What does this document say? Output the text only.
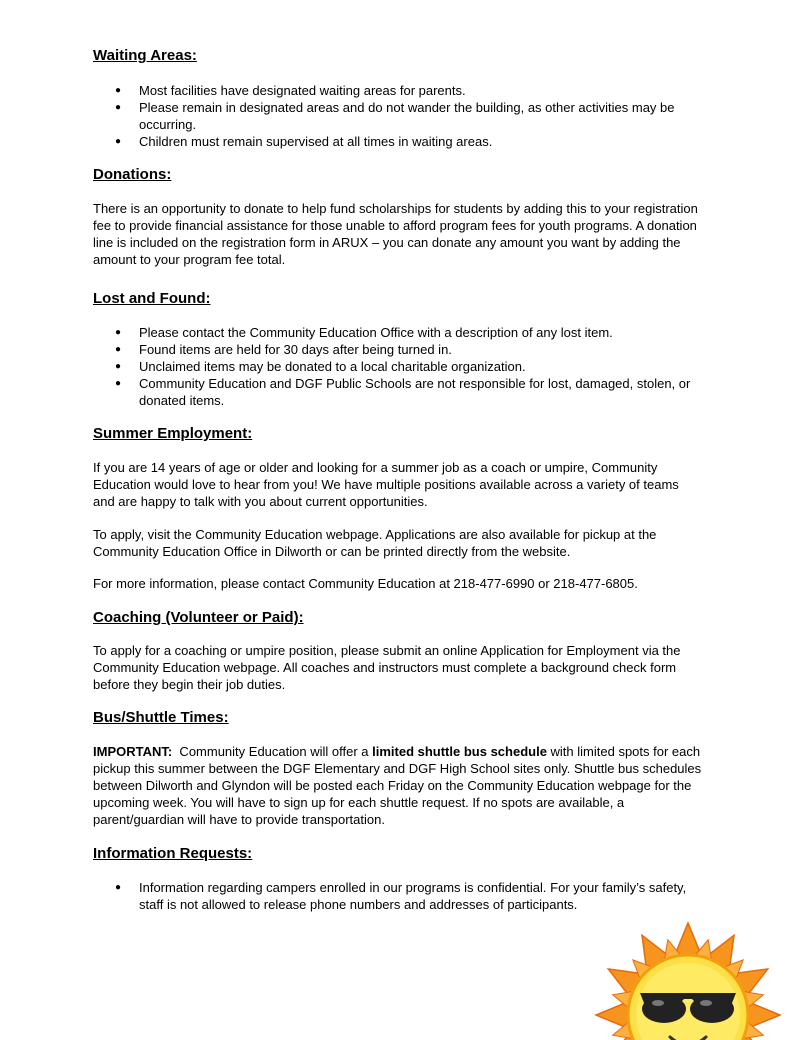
Waiting Areas:
● Most facilities have designated waiting areas for parents.
● Please remain in designated areas and do not wander the building, as other activities may be occurring.
● Children must remain supervised at all times in waiting areas.
Donations:

There is an opportunity to donate to help fund scholarships for students by adding this to your registration fee to provide financial assistance for those unable to afford program fees for youth programs. A donation line is included on the registration form in ARUX – you can donate any amount you want by adding the amount to your program fee total.

Lost and Found:
● Please contact the Community Education Office with a description of any lost item.
● Found items are held for 30 days after being turned in.
● Unclaimed items may be donated to a local charitable organization.
● Community Education and DGF Public Schools are not responsible for lost, damaged, stolen, or donated items.
Summer Employment:

If you are 14 years of age or older and looking for a summer job as a coach or umpire, Community Education would love to hear from you! We have multiple positions available across a variety of teams and are happy to talk with you about current opportunities.

To apply, visit the Community Education webpage. Applications are also available for pickup at the Community Education Office in Dilworth or can be printed directly from the website.

For more information, please contact Community Education at 218-477-6990 or 218-477-6805.

Coaching (Volunteer or Paid):

To apply for a coaching or umpire position, please submit an online Application for Employment via the Community Education webpage. All coaches and instructors must complete a background check form before they begin their job duties.

Bus/Shuttle Times:

IMPORTANT:  Community Education will offer a limited shuttle bus schedule with limited spots for each pickup this summer between the DGF Elementary and DGF High School sites only. Shuttle bus schedules between Dilworth and Glyndon will be posted each Friday on the Community Education webpage for the upcoming week. You will have to sign up for each shuttle request. If no spots are available, a parent/guardian will have to provide transportation.

Information Requests:
● Information regarding campers enrolled in our programs is confidential. For your family’s safety, staff is not allowed to release phone numbers and addresses of participants.
